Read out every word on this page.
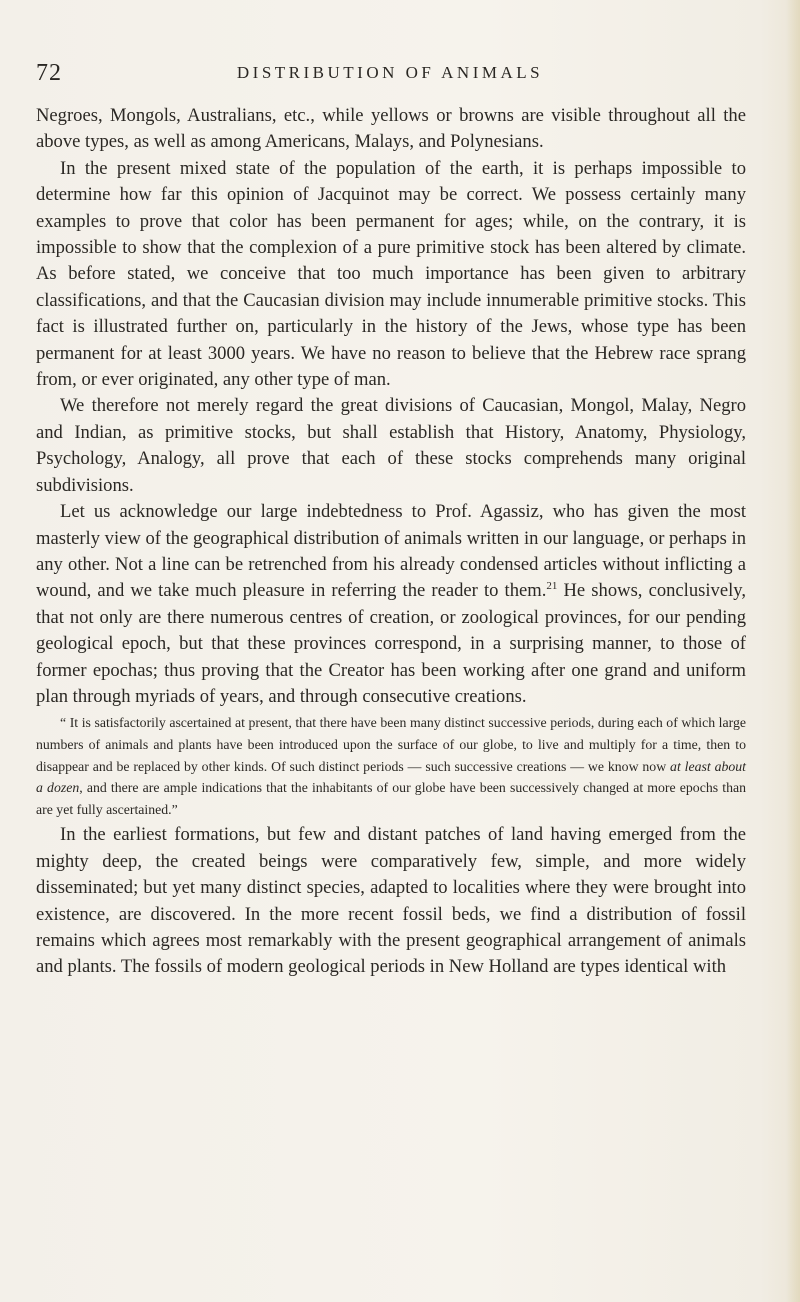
72	DISTRIBUTION OF ANIMALS

Negroes, Mongols, Australians, etc., while yellows or browns are visible throughout all the above types, as well as among Americans, Malays, and Polynesians.

In the present mixed state of the population of the earth, it is perhaps impossible to determine how far this opinion of Jacquinot may be correct. We possess certainly many examples to prove that color has been permanent for ages; while, on the contrary, it is impossible to show that the complexion of a pure primitive stock has been altered by climate. As before stated, we conceive that too much importance has been given to arbitrary classifications, and that the Caucasian division may include innumerable primitive stocks. This fact is illustrated further on, particularly in the history of the Jews, whose type has been permanent for at least 3000 years. We have no reason to believe that the Hebrew race sprang from, or ever originated, any other type of man.

We therefore not merely regard the great divisions of Caucasian, Mongol, Malay, Negro and Indian, as primitive stocks, but shall establish that History, Anatomy, Physiology, Psychology, Analogy, all prove that each of these stocks comprehends many original subdivisions.

Let us acknowledge our large indebtedness to Prof. Agassiz, who has given the most masterly view of the geographical distribution of animals written in our language, or perhaps in any other. Not a line can be retrenched from his already condensed articles without inflicting a wound, and we take much pleasure in referring the reader to them.$^{21}$ He shows, conclusively, that not only are there numerous centres of creation, or zoological provinces, for our pending geological epoch, but that these provinces correspond, in a surprising manner, to those of former epochas; thus proving that the Creator has been working after one grand and uniform plan through myriads of years, and through consecutive creations.

“ It is satisfactorily ascertained at present, that there have been many distinct successive periods, during each of which large numbers of animals and plants have been introduced upon the surface of our globe, to live and multiply for a time, then to disappear and be replaced by other kinds. Of such distinct periods — such successive creations — we know now at least about a dozen, and there are ample indications that the inhabitants of our globe have been successively changed at more epochs than are yet fully ascertained.”

In the earliest formations, but few and distant patches of land having emerged from the mighty deep, the created beings were comparatively few, simple, and more widely disseminated; but yet many distinct species, adapted to localities where they were brought into existence, are discovered. In the more recent fossil beds, we find a distribution of fossil remains which agrees most remarkably with the present geographical arrangement of animals and plants. The fossils of modern geological periods in New Holland are types identical with
